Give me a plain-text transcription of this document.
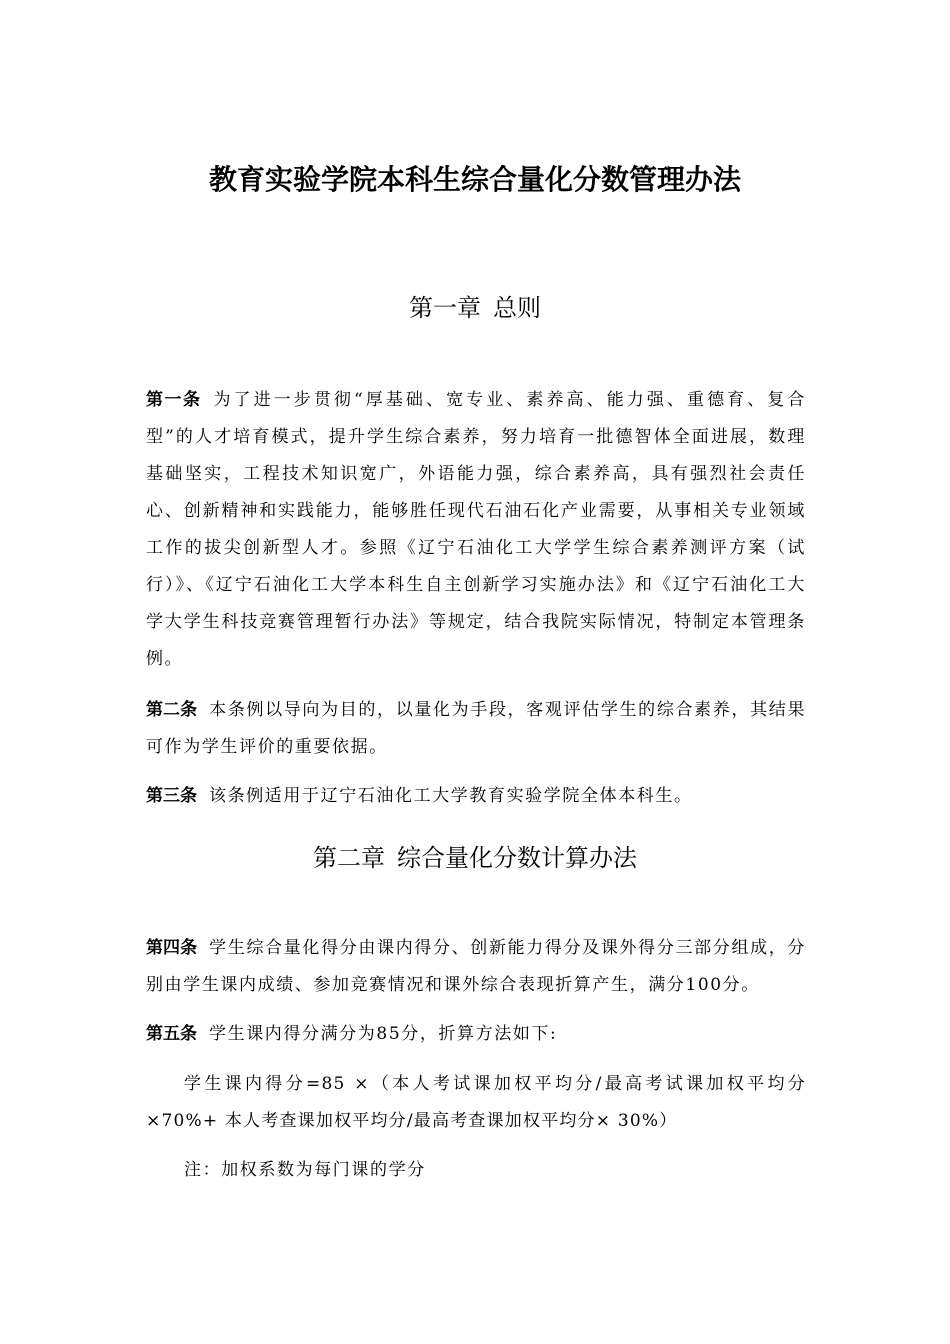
教育实验学院本科生综合量化分数管理办法
第一章 总则
第一条 为了进一步贯彻“厚基础、宽专业、素养高、能力强、重德育、复合型”的人才培育模式，提升学生综合素养，努力培育一批德智体全面进展，数理基础坚实，工程技术知识宽广，外语能力强，综合素养高，具有强烈社会责任心、创新精神和实践能力，能够胜任现代石油石化产业需要，从事相关专业领域工作的拔尖创新型人才。参照《辽宁石油化工大学学生综合素养测评方案（试行）》、《辽宁石油化工大学本科生自主创新学习实施办法》和《辽宁石油化工大学大学生科技竞赛管理暂行办法》等规定，结合我院实际情况，特制定本管理条例。
第二条 本条例以导向为目的，以量化为手段，客观评估学生的综合素养，其结果可作为学生评价的重要依据。
第三条 该条例适用于辽宁石油化工大学教育实验学院全体本科生。
第二章 综合量化分数计算办法
第四条 学生综合量化得分由课内得分、创新能力得分及课外得分三部分组成，分别由学生课内成绩、参加竞赛情况和课外综合表现折算产生，满分100分。
第五条 学生课内得分满分为85分，折算方法如下:
学生课内得分=85 ×（本人考试课加权平均分/最高考试课加权平均分×70%+ 本人考查课加权平均分/最高考查课加权平均分× 30%）
注：加权系数为每门课的学分
